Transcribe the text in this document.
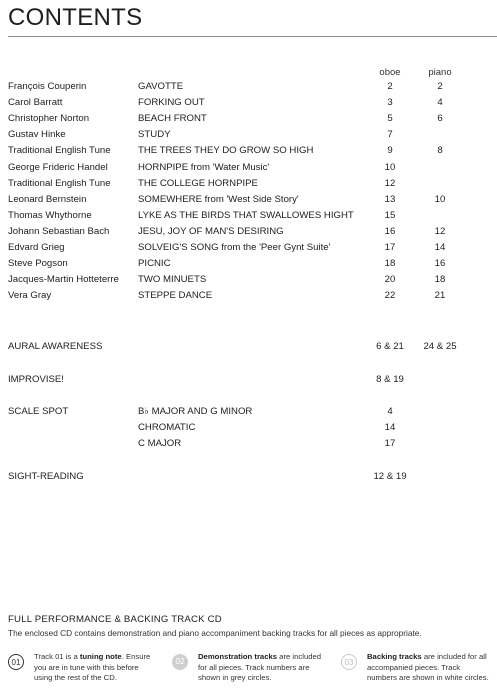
CONTENTS
oboe	piano
François Couperin	GAVOTTE	2	2
Carol Barratt	FORKING OUT	3	4
Christopher Norton	BEACH FRONT	5	6
Gustav Hinke	STUDY	7
Traditional English Tune	THE TREES THEY DO GROW SO HIGH	9	8
George Frideric Handel	HORNPIPE from 'Water Music'	10
Traditional English Tune	THE COLLEGE HORNPIPE	12
Leonard Bernstein	SOMEWHERE from 'West Side Story'	13	10
Thomas Whythorne	LYKE AS THE BIRDS THAT SWALLOWES HIGHT	15
Johann Sebastian Bach	JESU, JOY OF MAN'S DESIRING	16	12
Edvard Grieg	SOLVEIG'S SONG from the 'Peer Gynt Suite'	17	14
Steve Pogson	PICNIC	18	16
Jacques-Martin Hotteterre TWO MINUETS	20	18
Vera Gray	STEPPE DANCE	22	21
AURAL AWARENESS	6 & 21	24 & 25
IMPROVISE!	8 & 19
SCALE SPOT	B♭ MAJOR AND G MINOR	4
CHROMATIC	14
C MAJOR	17
SIGHT-READING	12 & 19
FULL PERFORMANCE & BACKING TRACK CD
The enclosed CD contains demonstration and piano accompaniment backing tracks for all pieces as appropriate.
01
Track 01 is a tuning note. Ensure you are in tune with this before using the rest of the CD.
02
Demonstration tracks are included for all pieces. Track numbers are shown in grey circles.
03
Backing tracks are included for all accompanied pieces. Track numbers are shown in white circles.
